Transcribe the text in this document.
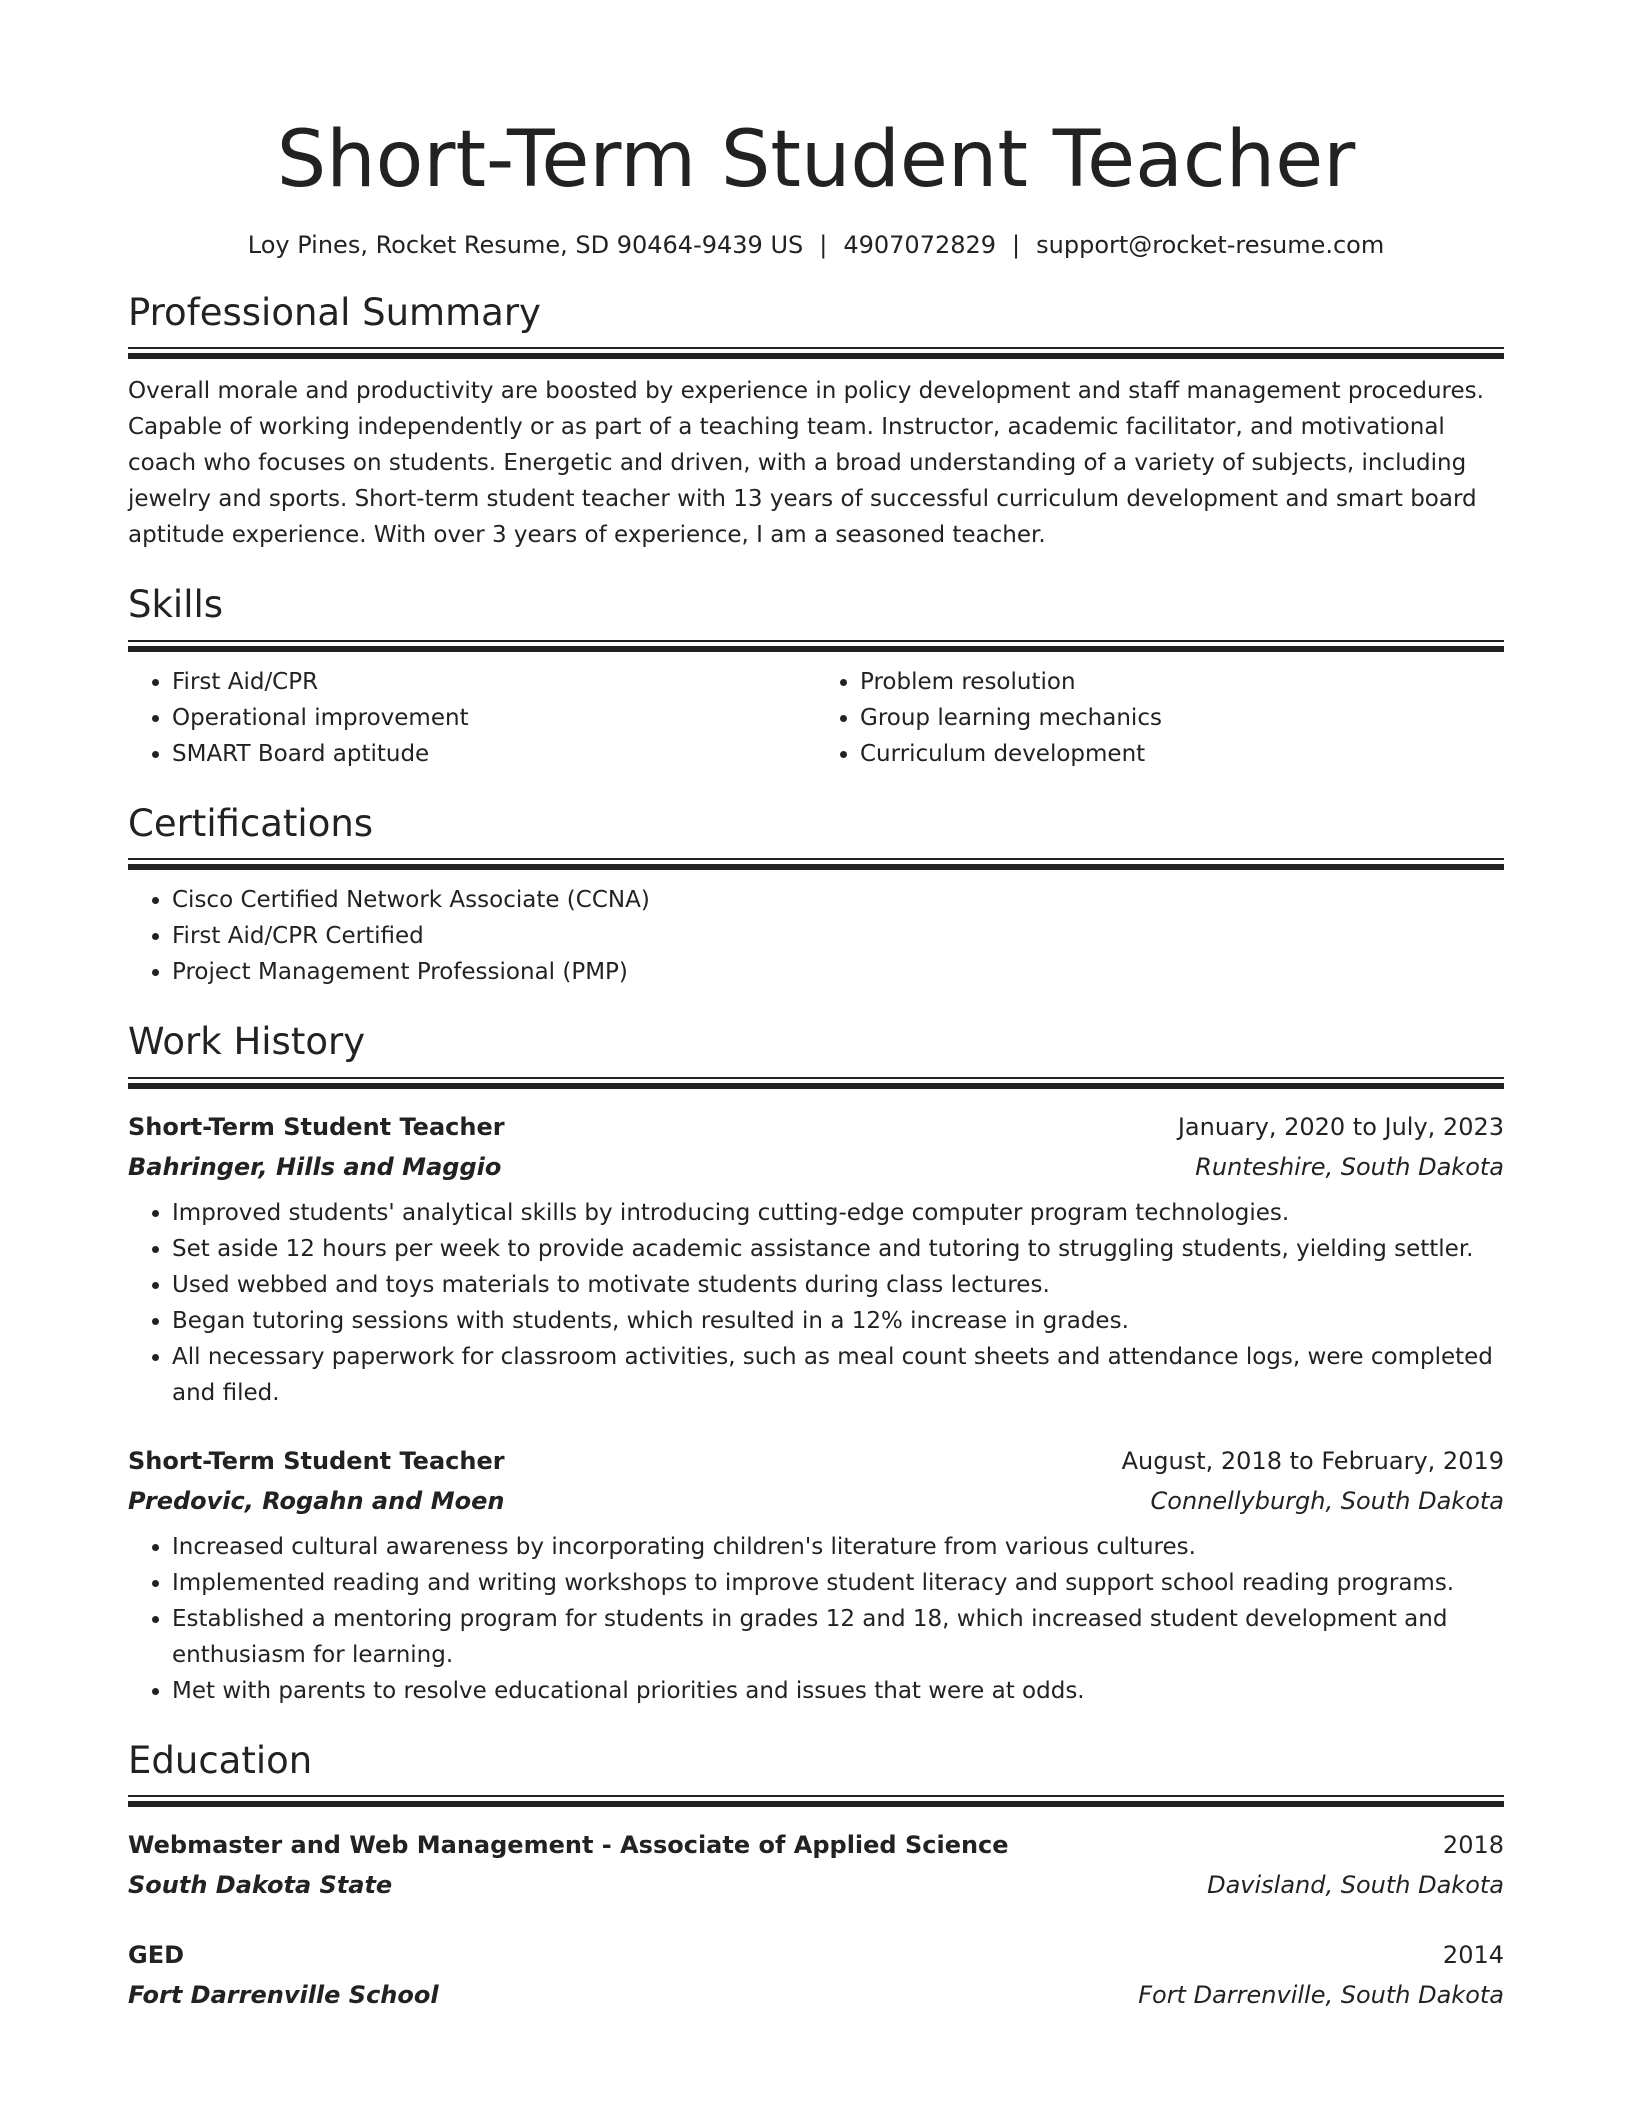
Short-Term Student Teacher
Loy Pines, Rocket Resume, SD 90464-9439 US | 4907072829 | support@rocket-resume.com
Professional Summary
Overall morale and productivity are boosted by experience in policy development and staff management procedures. Capable of working independently or as part of a teaching team. Instructor, academic facilitator, and motivational coach who focuses on students. Energetic and driven, with a broad understanding of a variety of subjects, including jewelry and sports. Short-term student teacher with 13 years of successful curriculum development and smart board aptitude experience. With over 3 years of experience, I am a seasoned teacher.
Skills
• First Aid/CPR
• Operational improvement
• SMART Board aptitude
• Problem resolution
• Group learning mechanics
• Curriculum development
Certifications
• Cisco Certified Network Associate (CCNA)
• First Aid/CPR Certified
• Project Management Professional (PMP)
Work History
Short-Term Student Teacher	January, 2020 to July, 2023
Bahringer, Hills and Maggio	Runteshire, South Dakota
• Improved students' analytical skills by introducing cutting-edge computer program technologies.
• Set aside 12 hours per week to provide academic assistance and tutoring to struggling students, yielding settler.
• Used webbed and toys materials to motivate students during class lectures.
• Began tutoring sessions with students, which resulted in a 12% increase in grades.
• All necessary paperwork for classroom activities, such as meal count sheets and attendance logs, were completed and filed.
Short-Term Student Teacher	August, 2018 to February, 2019
Predovic, Rogahn and Moen	Connellyburgh, South Dakota
• Increased cultural awareness by incorporating children's literature from various cultures.
• Implemented reading and writing workshops to improve student literacy and support school reading programs.
• Established a mentoring program for students in grades 12 and 18, which increased student development and enthusiasm for learning.
• Met with parents to resolve educational priorities and issues that were at odds.
Education
Webmaster and Web Management - Associate of Applied Science	2018
South Dakota State	Davisland, South Dakota
GED	2014
Fort Darrenville School	Fort Darrenville, South Dakota
